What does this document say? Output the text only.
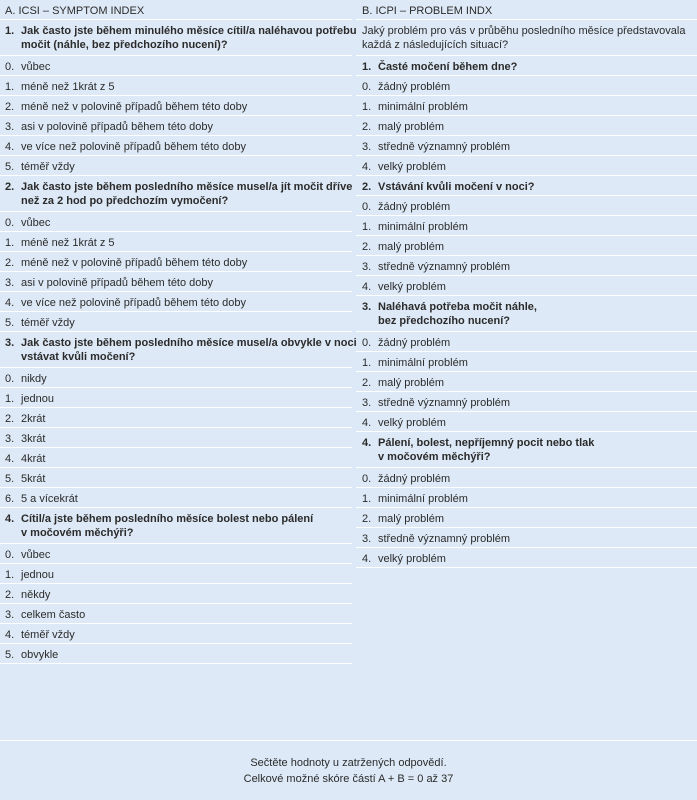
A. ICSI – SYMPTOM INDEX
1. Jak často jste během minulého měsíce cítil/a naléhavou potřebu
močit (náhle, bez předchozího nucení)?
0. vůbec
1. méně než 1krát z 5
2. méně než v polovině případů během této doby
3. asi v polovině případů během této doby
4. ve více než polovině případů během této doby
5. téměř vždy
2. Jak často jste během posledního měsíce musel/a jít močit dříve
než za 2 hod po předchozím vymočení?
0. vůbec
1. méně než 1krát z 5
2. méně než v polovině případů během této doby
3. asi v polovině případů během této doby
4. ve více než polovině případů během této doby
5. téměř vždy
3. Jak často jste během posledního měsíce musel/a obvykle v noci
vstávat kvůli močení?
0. nikdy
1. jednou
2. 2krát
3. 3krát
4. 4krát
5. 5krát
6. 5 a vícekrát
4. Cítil/a jste během posledního měsíce bolest nebo pálení
v močovém měchýři?
0. vůbec
1. jednou
2. někdy
3. celkem často
4. téměř vždy
5. obvykle
B. ICPI – PROBLEM INDX
Jaký problém pro vás v průběhu posledního měsíce představovala
každá z následujících situací?
1. Časté močení během dne?
0. žádný problém
1. minimální problém
2. malý problém
3. středně významný problém
4. velký problém
2. Vstávání kvůli močení v noci?
0. žádný problém
1. minimální problém
2. malý problém
3. středně významný problém
4. velký problém
3. Naléhavá potřeba močit náhle,
bez předchozího nucení?
0. žádný problém
1. minimální problém
2. malý problém
3. středně významný problém
4. velký problém
4. Pálení, bolest, nepříjemný pocit nebo tlak
v močovém měchýři?
0. žádný problém
1. minimální problém
2. malý problém
3. středně významný problém
4. velký problém
Sečtěte hodnoty u zatržených odpovědí.
Celkové možné skóre částí A + B = 0 až 37
